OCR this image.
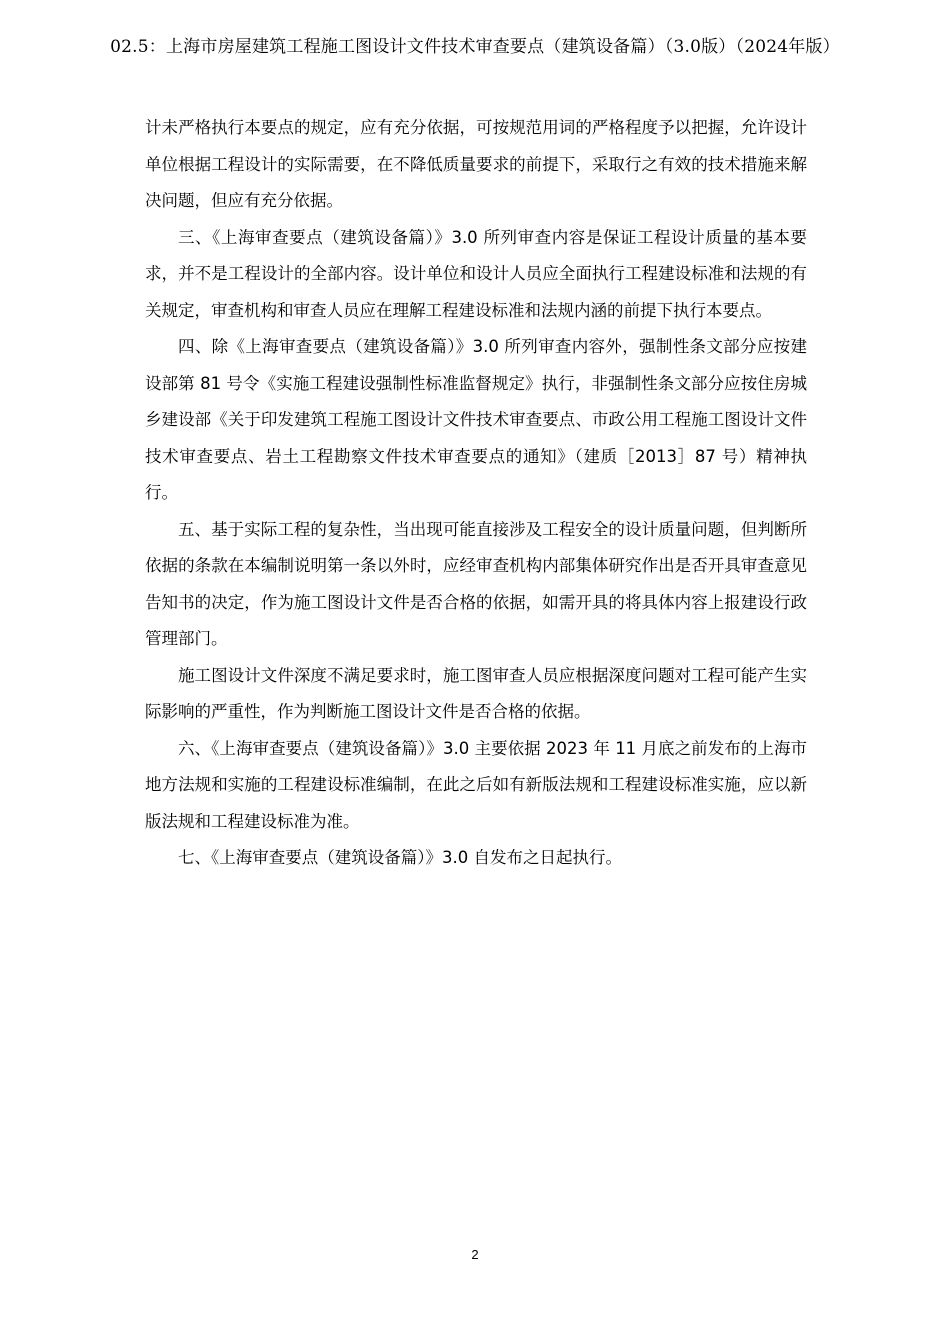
02.5：上海市房屋建筑工程施工图设计文件技术审查要点（建筑设备篇）（3.0版）（2024年版）

计未严格执行本要点的规定，应有充分依据，可按规范用词的严格程度予以把握，允许设计单位根据工程设计的实际需要，在不降低质量要求的前提下，采取行之有效的技术措施来解决问题，但应有充分依据。

三、《上海审查要点（建筑设备篇）》3.0 所列审查内容是保证工程设计质量的基本要求，并不是工程设计的全部内容。设计单位和设计人员应全面执行工程建设标准和法规的有关规定，审查机构和审查人员应在理解工程建设标准和法规内涵的前提下执行本要点。

四、除《上海审查要点（建筑设备篇）》3.0 所列审查内容外，强制性条文部分应按建设部第 81 号令《实施工程建设强制性标准监督规定》执行，非强制性条文部分应按住房城乡建设部《关于印发建筑工程施工图设计文件技术审查要点、市政公用工程施工图设计文件技术审查要点、岩土工程勘察文件技术审查要点的通知》（建质［2013］87 号）精神执行。

五、基于实际工程的复杂性，当出现可能直接涉及工程安全的设计质量问题，但判断所依据的条款在本编制说明第一条以外时，应经审查机构内部集体研究作出是否开具审查意见告知书的决定，作为施工图设计文件是否合格的依据，如需开具的将具体内容上报建设行政管理部门。

施工图设计文件深度不满足要求时，施工图审查人员应根据深度问题对工程可能产生实际影响的严重性，作为判断施工图设计文件是否合格的依据。

六、《上海审查要点（建筑设备篇）》3.0 主要依据 2023 年 11 月底之前发布的上海市地方法规和实施的工程建设标准编制，在此之后如有新版法规和工程建设标准实施，应以新版法规和工程建设标准为准。

七、《上海审查要点（建筑设备篇）》3.0 自发布之日起执行。

2
